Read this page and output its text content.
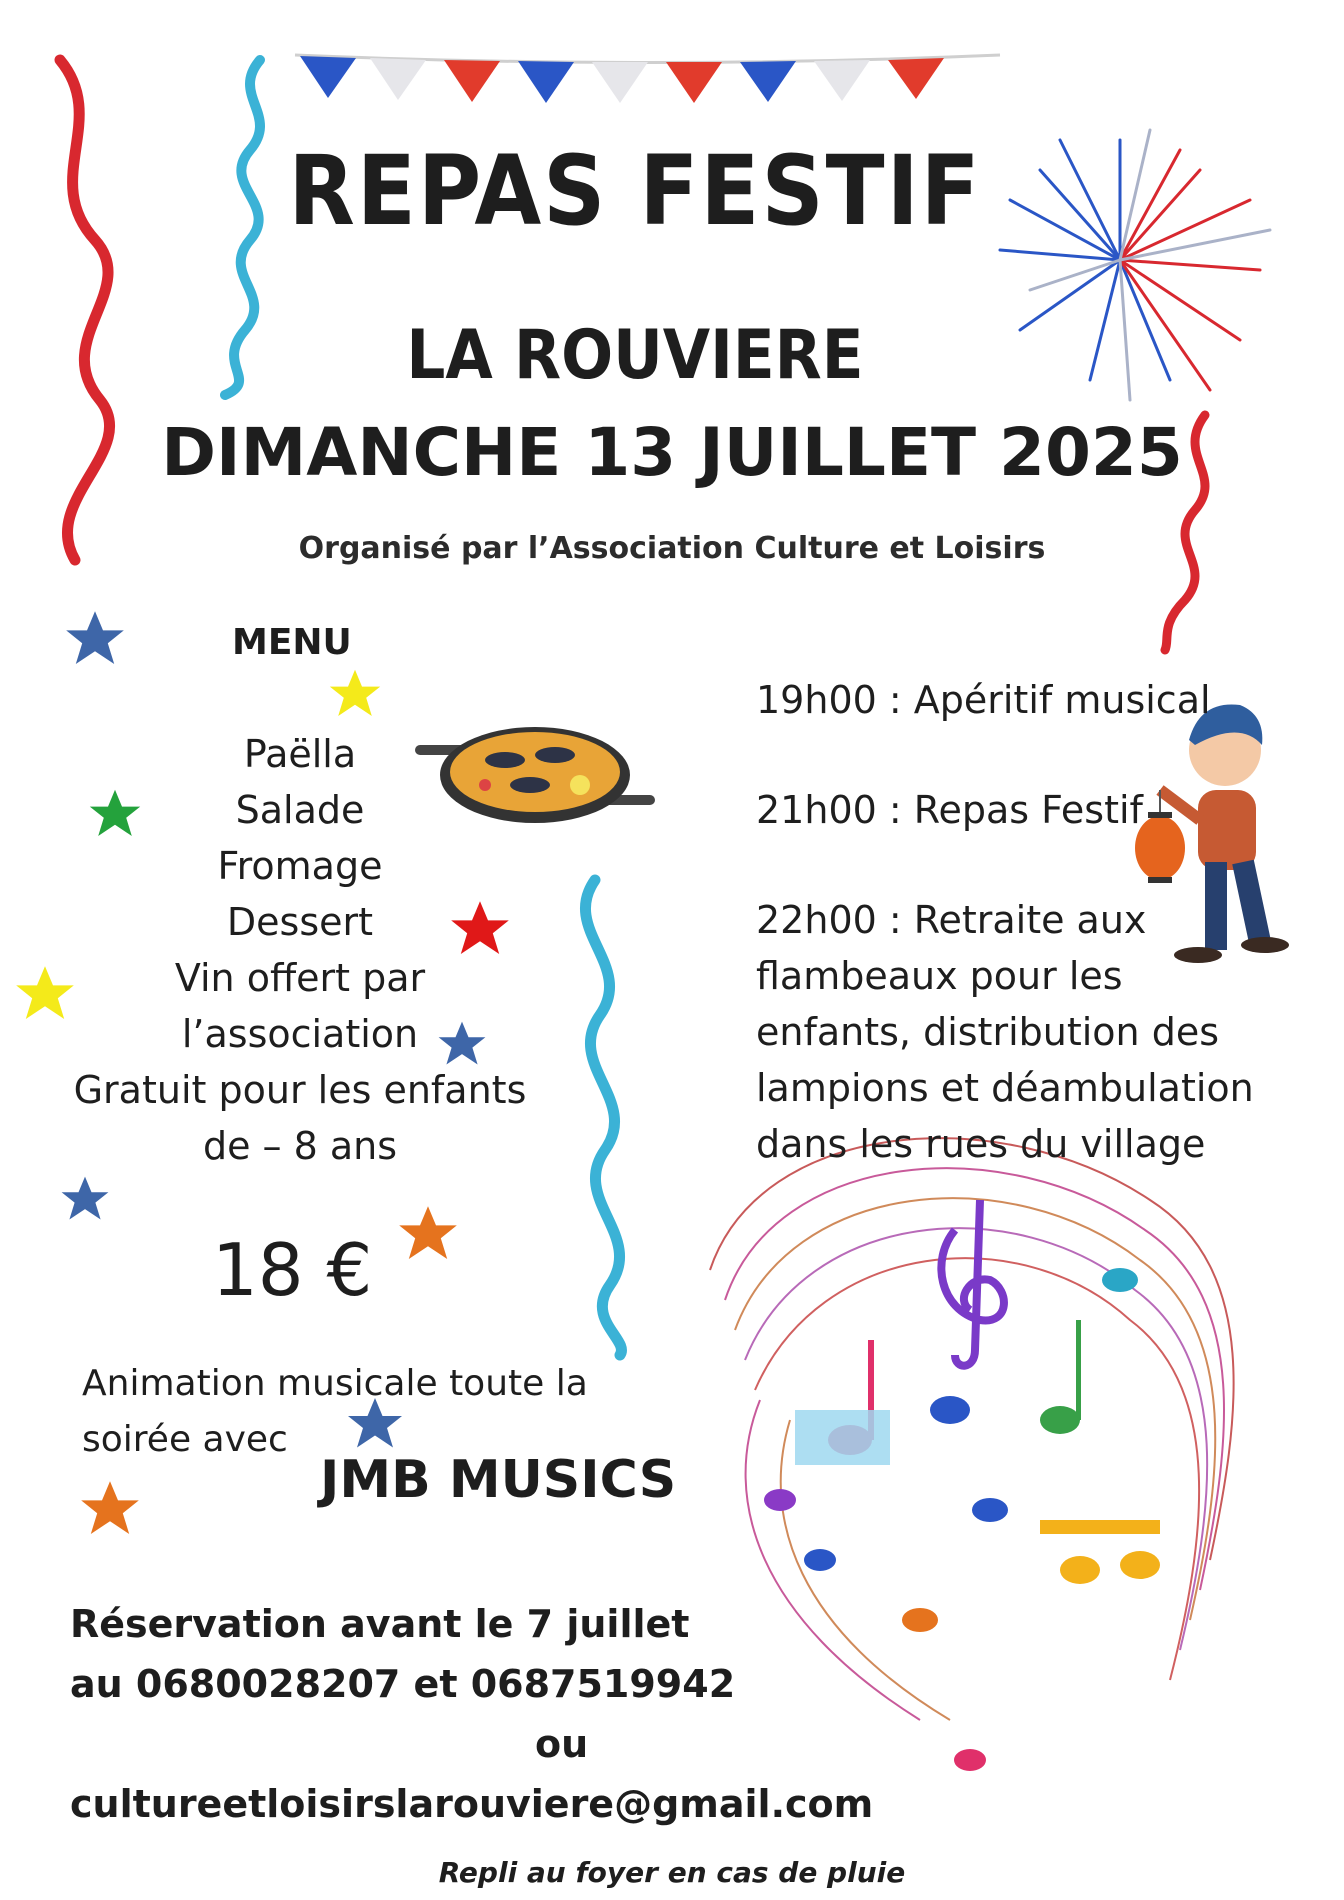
REPAS FESTIF
LA ROUVIERE
DIMANCHE 13 JUILLET 2025
Organisé par l’Association Culture et Loisirs
MENU
Paëlla
Salade
Fromage
Dessert
Vin offert par
l’association
Gratuit pour les enfants
de – 8 ans
18 €
Animation musicale toute la
soirée avec
JMB MUSICS
Réservation avant le 7 juillet
au 0680028207 et 0687519942
ou
cultureetloisirslarouviere@gmail.com
19h00 : Apéritif musical
21h00 : Repas Festif
22h00 : Retraite aux
flambeaux pour les
enfants, distribution des
lampions et déambulation
dans les rues du village
Repli au foyer en cas de pluie
